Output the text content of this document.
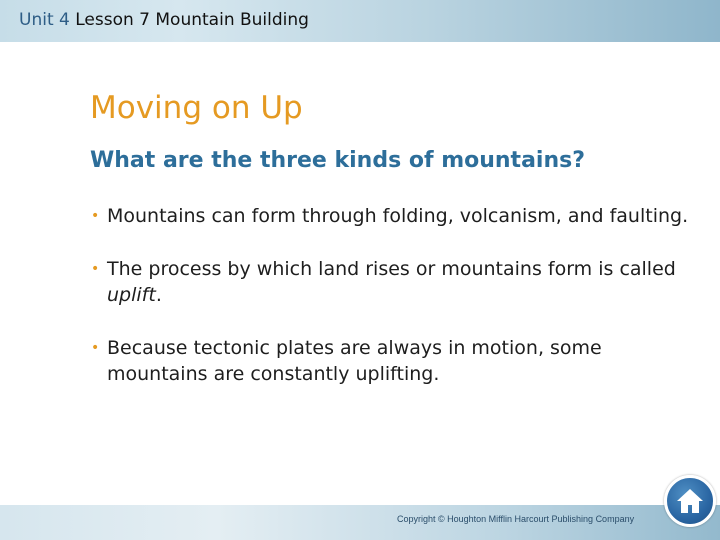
Unit 4 Lesson 7 Mountain Building
Moving on Up
What are the three kinds of mountains?
• Mountains can form through folding, volcanism, and faulting.
• The process by which land rises or mountains form is called uplift.
• Because tectonic plates are always in motion, some mountains are constantly uplifting.
Copyright © Houghton Mifflin Harcourt Publishing Company
